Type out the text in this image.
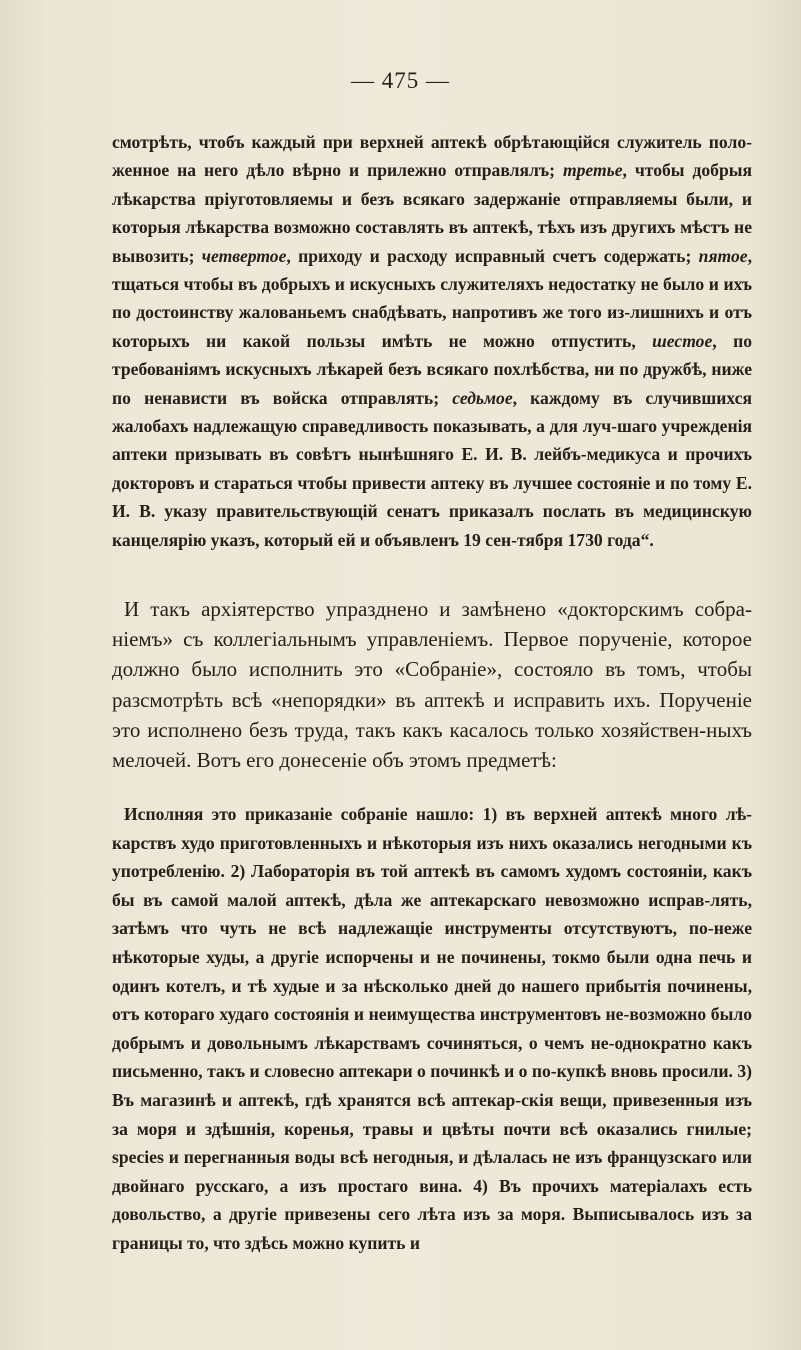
— 475 —

смотрѣть, чтобъ каждый при верхней аптекѣ обрѣтающійся служитель поло-женное на него дѣло вѣрно и прилежно отправлялъ; третье, чтобы добрыя лѣкарства пріуготовляемы и безъ всякаго задержаніе отправляемы были, и которыя лѣкарства возможно составлять въ аптекѣ, тѣхъ изъ другихъ мѣстъ не вывозить; четвертое, приходу и расходу исправный счетъ содержать; пятое, тщаться чтобы въ добрыхъ и искусныхъ служителяхъ недостатку не было и ихъ по достоинству жалованьемъ снабдѣвать, напротивъ же того из-лишнихъ и отъ которыхъ ни какой пользы имѣть не можно отпустить, шестое, по требованіямъ искусныхъ лѣкарей безъ всякаго похлѣбства, ни по дружбѣ, ниже по ненависти въ войска отправлять; седьмое, каждому въ случившихся жалобахъ надлежащую справедливость показывать, а для луч-шаго учрежденія аптеки призывать въ совѣтъ нынѣшняго Е. И. В. лейбъ-медикуса и прочихъ докторовъ и стараться чтобы привести аптеку въ лучшее состояніе и по тому Е. И. В. указу правительствующій сенатъ приказалъ послать въ медицинскую канцелярію указъ, который ей и объявленъ 19 сен-тября 1730 года“.

И такъ архіятерство упразднено и замѣнено «докторскимъ собра-ніемъ» съ коллегіальнымъ управленіемъ. Первое порученіе, которое должно было исполнить это «Собраніе», состояло въ томъ, чтобы разсмотрѣть всѣ «непорядки» въ аптекѣ и исправить ихъ. Порученіе это исполнено безъ труда, такъ какъ касалось только хозяйствен-ныхъ мелочей. Вотъ его донесеніе объ этомъ предметѣ:

Исполняя это приказаніе собраніе нашло: 1) въ верхней аптекѣ много лѣ-карствъ худо приготовленныхъ и нѣкоторыя изъ нихъ оказались негодными къ употребленію. 2) Лабораторія въ той аптекѣ въ самомъ худомъ состояніи, какъ бы въ самой малой аптекѣ, дѣла же аптекарскаго невозможно исправ-лять, затѣмъ что чуть не всѣ надлежащіе инструменты отсутствуютъ, по-неже нѣкоторые худы, а другіе испорчены и не починены, токмо были одна печь и одинъ котелъ, и тѣ худые и за нѣсколько дней до нашего прибытія починены, отъ котораго худаго состоянія и неимущества инструментовъ не-возможно было добрымъ и довольнымъ лѣкарствамъ сочиняться, о чемъ не-однократно какъ письменно, такъ и словесно аптекари о починкѣ и о по-купкѣ вновь просили. 3) Въ магазинѣ и аптекѣ, гдѣ хранятся всѣ аптекар-скія вещи, привезенныя изъ за моря и здѣшнія, коренья, травы и цвѣты почти всѣ оказались гнилые; species и перегнанныя воды всѣ негодныя, и дѣлалась не изъ французскаго или двойнаго русскаго, а изъ простаго вина. 4) Въ прочихъ матеріалахъ есть довольство, а другіе привезены сего лѣта изъ за моря. Выписывалось изъ за границы то, что здѣсь можно купить и
